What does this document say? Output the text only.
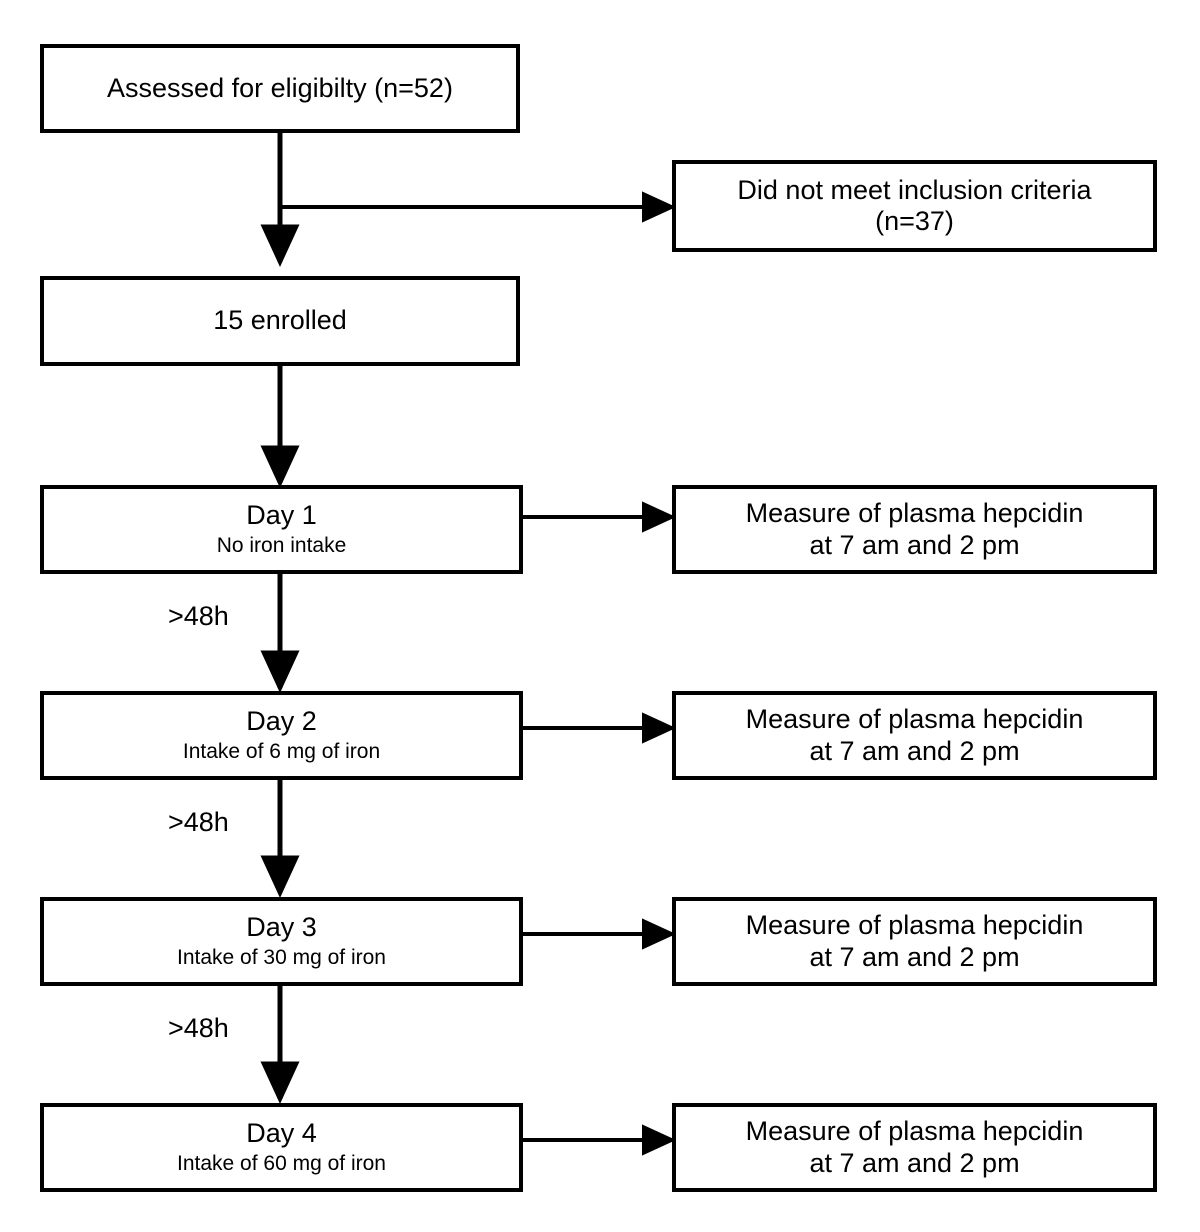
Assessed for eligibilty (n=52)
Did not meet inclusion criteria
(n=37)
15 enrolled
Day 1
No iron intake
Measure of plasma hepcidin
at 7 am and 2 pm
Day 2
Intake of 6 mg of iron
Measure of plasma hepcidin
at 7 am and 2 pm
Day 3
Intake of 30 mg of iron
Measure of plasma hepcidin
at 7 am and 2 pm
Day 4
Intake of 60 mg of iron
Measure of plasma hepcidin
at 7 am and 2 pm
>48h
>48h
>48h
